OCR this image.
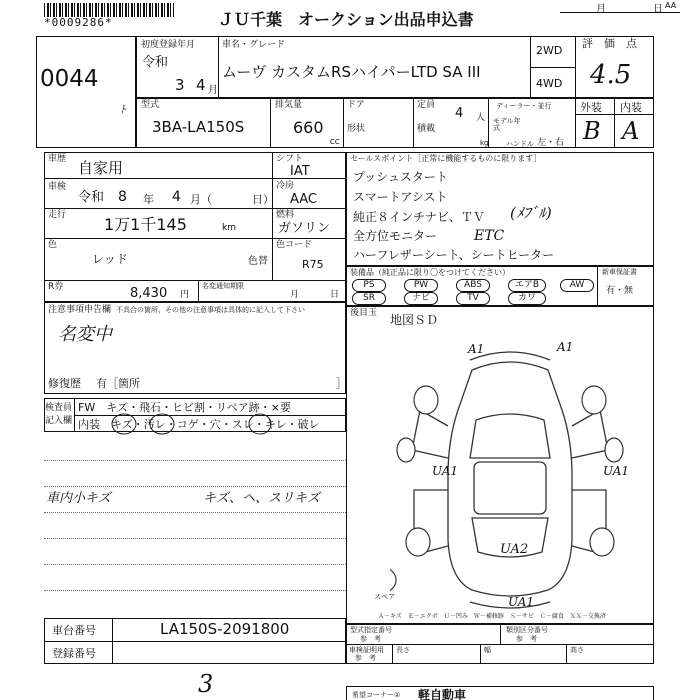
*0009286*	ＪＵ千葉　オークション出品申込書
月	日 AA
0044
ﾄ
初度登録年月
令和
3 4 月
車名・グレード
ムーヴ カスタムRSハイパーLTD SA III
2WD
4WD
評　価　点
4.5
型式
3BA-LA150S
排気量
660
CC
ドア
形状
定員
4 人
積載
kg
ディーラー・並行
モデル年式
ハンドル 左・右
外装 内装
B A
車歴 自家用
車検
令和 8 年 4 月（	日）
走行 1万1千145	km
シフト
IAT
冷房
AAC
燃料
ガソリン
色
レッド	色替
色コード
R75
R券	8,430 円
名変通知期限
月	日
セールスポイント［正常に機能するものに限ります］
プッシュスタート
スマートアシスト
純正８インチナビ、ＴＶ
全方位モニター
ハーフレザーシート、シートヒーター
(ﾒﾌﾞﾙ)
ETC
装備品（純正品に限り〇をつけてください）
PS	PW	ABS	エアB	AW
SR	ナビ	TV	カワ
新車保証書
有・無
注意事項申告欄 不具合の箇所、その他の注意事項は具体的に記入して下さい
名変中
修復歴 有［箇所	］
後目玉 地図ＳＤ
A1	A1
UA1	UA1
UA2
UA1
スペア
Ａ－キズ　Ｅ－エクボ　Ｕ－凹み　Ｗ－補修跡　Ｓ－サビ　Ｃ－腐食　ＸＸ－交換済
検査員
記入欄
FW　キズ・飛石・ヒビ割・リペア跡・×要
内装　キズ・汚レ・コゲ・穴・スレ・キレ・破レ
車内小キズ	キズ、ヘ、スリキズ
車台番号	LA150S-2091800
登録番号
型式指定番号
参　考
類別区分番号
参　考
車検証明用
参　考
長さ	幅	高さ
3	希望コーナー① 軽自動車
